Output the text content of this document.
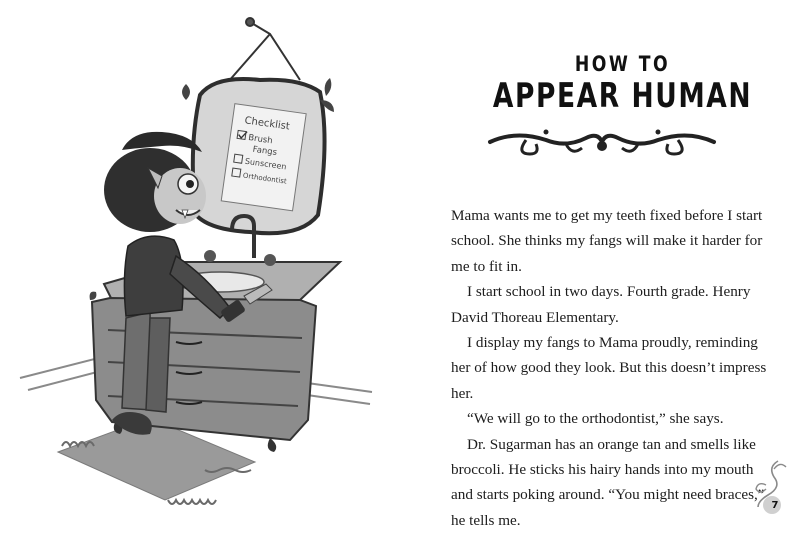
Checklist
Brush
Fangs
Sunscreen
Orthodontist
HOW TO
APPEAR HUMAN

Mama wants me to get my teeth fixed before I start school. She thinks my fangs will make it harder for me to fit in.

I start school in two days. Fourth grade. Henry David Thoreau Elementary.

I display my fangs to Mama proudly, reminding her of how good they look. But this doesn’t impress her.

“We will go to the orthodontist,” she says.

Dr. Sugarman has an orange tan and smells like broccoli. He sticks his hairy hands into my mouth and starts poking around. “You might need braces,” he tells me.

7
